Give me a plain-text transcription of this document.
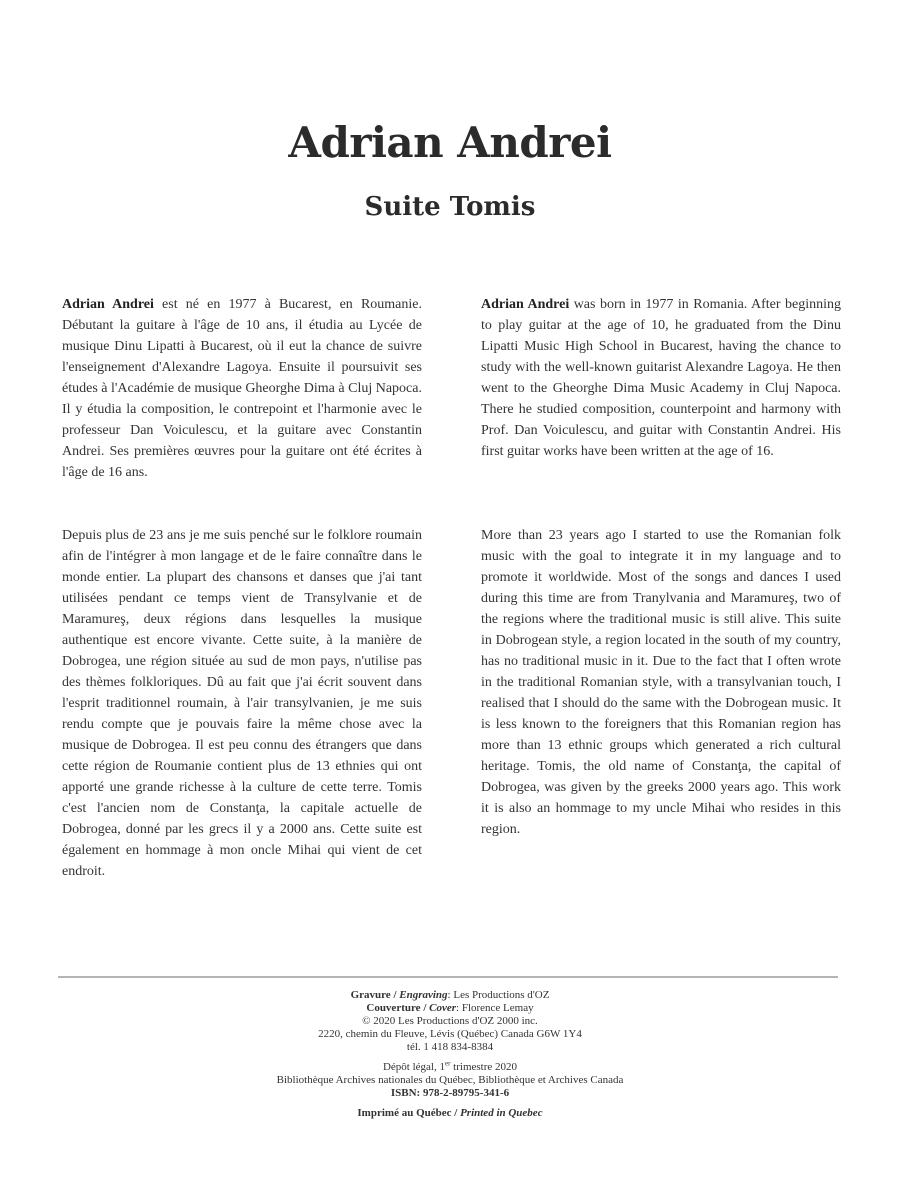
Adrian Andrei
Suite Tomis

Adrian Andrei est né en 1977 à Bucarest, en Roumanie. Débutant la guitare à l'âge de 10 ans, il étudia au Lycée de musique Dinu Lipatti à Bucarest, où il eut la chance de suivre l'enseignement d'Alexandre Lagoya. Ensuite il poursuivit ses études à l'Académie de musique Gheorghe Dima à Cluj Napoca. Il y étudia la composition, le contrepoint et l'harmonie avec le professeur Dan Voiculescu, et la guitare avec Constantin Andrei. Ses premières œuvres pour la guitare ont été écrites à l'âge de 16 ans.

Adrian Andrei was born in 1977 in Romania. After beginning to play guitar at the age of 10, he graduated from the Dinu Lipatti Music High School in Bucarest, having the chance to study with the well-known guitarist Alexandre Lagoya. He then went to the Gheorghe Dima Music Academy in Cluj Napoca. There he studied composition, counterpoint and harmony with Prof. Dan Voiculescu, and guitar with Constantin Andrei. His first guitar works have been written at the age of 16.

Depuis plus de 23 ans je me suis penché sur le folklore roumain afin de l'intégrer à mon langage et de le faire connaître dans le monde entier. La plupart des chansons et danses que j'ai tant utilisées pendant ce temps vient de Transylvanie et de Maramureş, deux régions dans lesquelles la musique authentique est encore vivante. Cette suite, à la manière de Dobrogea, une région située au sud de mon pays, n'utilise pas des thèmes folkloriques. Dû au fait que j'ai écrit souvent dans l'esprit traditionnel roumain, à l'air transylvanien, je me suis rendu compte que je pouvais faire la même chose avec la musique de Dobrogea. Il est peu connu des étrangers que dans cette région de Roumanie contient plus de 13 ethnies qui ont apporté une grande richesse à la culture de cette terre. Tomis c'est l'ancien nom de Constanţa, la capitale actuelle de Dobrogea, donné par les grecs il y a 2000 ans. Cette suite est également en hommage à mon oncle Mihai qui vient de cet endroit.

More than 23 years ago I started to use the Romanian folk music with the goal to integrate it in my language and to promote it worldwide. Most of the songs and dances I used during this time are from Tranylvania and Maramureş, two of the regions where the traditional music is still alive. This suite in Dobrogean style, a region located in the south of my country, has no traditional music in it. Due to the fact that I often wrote in the traditional Romanian style, with a transylvanian touch, I realised that I should do the same with the Dobrogean music. It is less known to the foreigners that this Romanian region has more than 13 ethnic groups which generated a rich cultural heritage. Tomis, the old name of Constanţa, the capital of Dobrogea, was given by the greeks 2000 years ago. This work it is also an hommage to my uncle Mihai who resides in this region.

Gravure / Engraving: Les Productions d'OZ
Couverture / Cover: Florence Lemay
© 2020 Les Productions d'OZ 2000 inc.
2220, chemin du Fleuve, Lévis (Québec) Canada G6W 1Y4
tél. 1 418 834-8384
Dépôt légal, 1er trimestre 2020
Bibliothèque Archives nationales du Québec, Bibliothèque et Archives Canada
ISBN: 978-2-89795-341-6
Imprimé au Québec / Printed in Quebec
